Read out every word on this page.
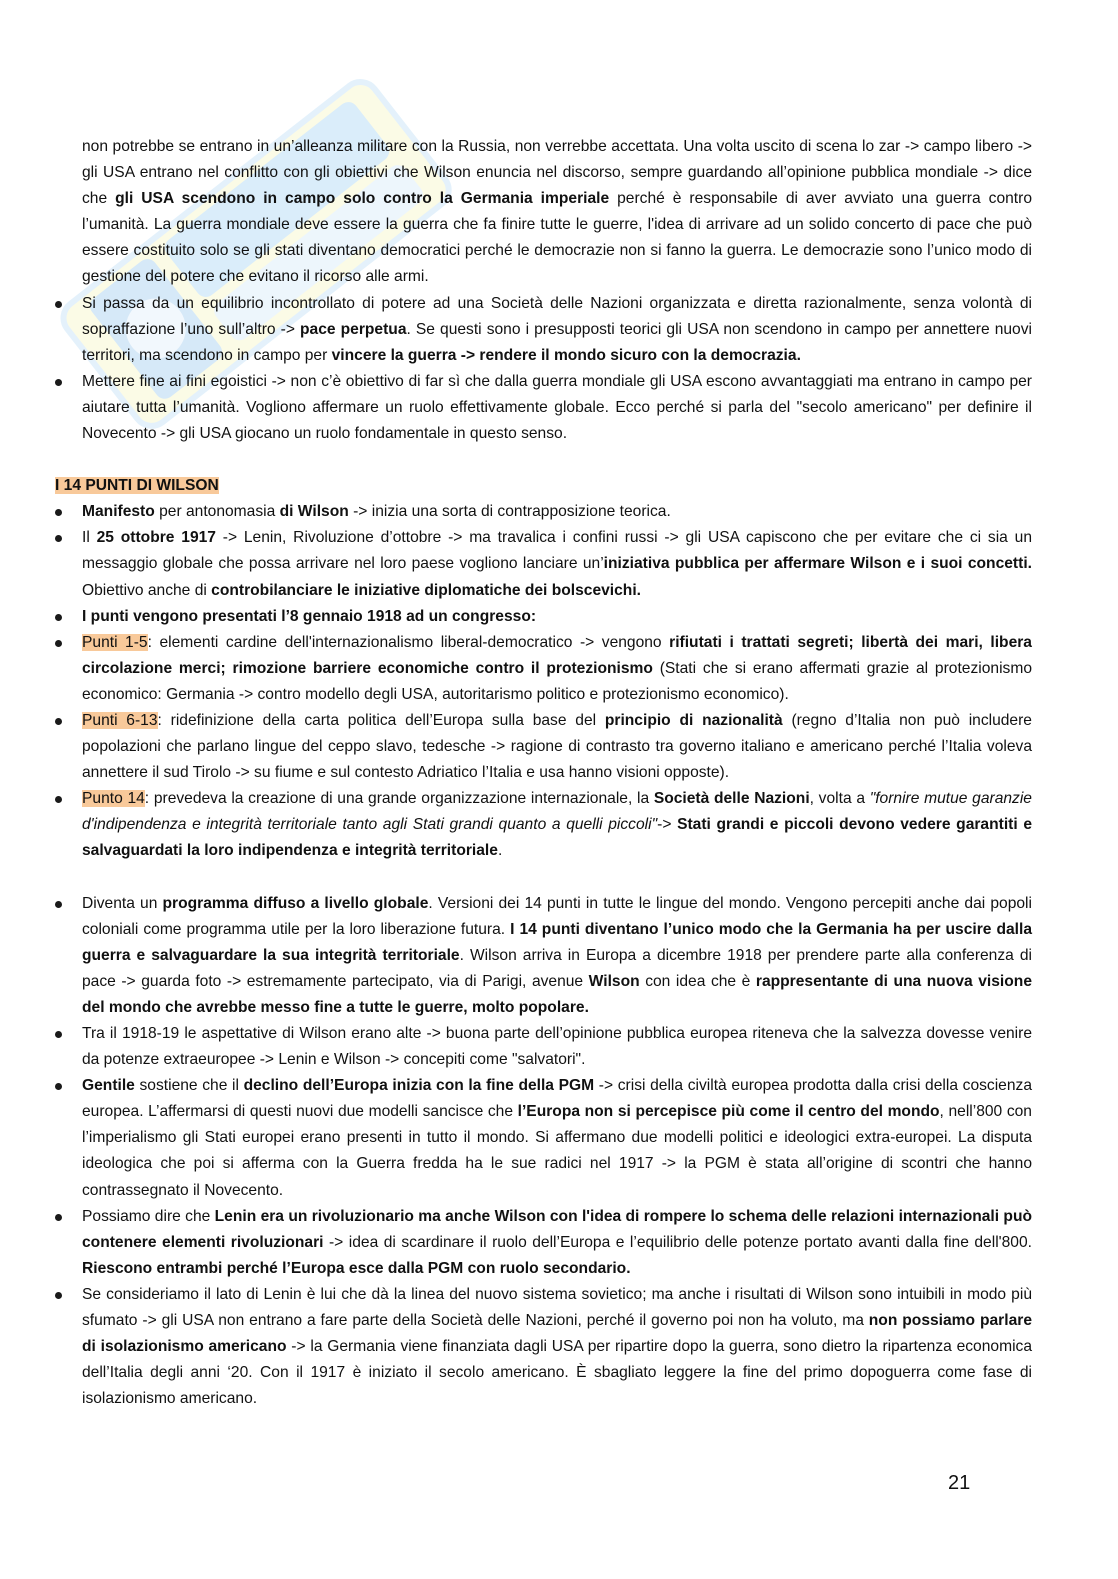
non potrebbe se entrano in un’alleanza militare con la Russia, non verrebbe accettata. Una volta uscito di scena lo zar -> campo libero -> gli USA entrano nel conflitto con gli obiettivi che Wilson enuncia nel discorso, sempre guardando all’opinione pubblica mondiale -> dice che gli USA scendono in campo solo contro la Germania imperiale perché è responsabile di aver avviato una guerra contro l’umanità. La guerra mondiale deve essere la guerra che fa finire tutte le guerre, l'idea di arrivare ad un solido concerto di pace che può essere costituito solo se gli stati diventano democratici perché le democrazie non si fanno la guerra. Le democrazie sono l’unico modo di gestione del potere che evitano il ricorso alle armi.

Si passa da un equilibrio incontrollato di potere ad una Società delle Nazioni organizzata e diretta razionalmente, senza volontà di sopraffazione l’uno sull’altro -> pace perpetua. Se questi sono i presupposti teorici gli USA non scendono in campo per annettere nuovi territori, ma scendono in campo per vincere la guerra -> rendere il mondo sicuro con la democrazia.
Mettere fine ai fini egoistici -> non c’è obiettivo di far sì che dalla guerra mondiale gli USA escono avvantaggiati ma entrano in campo per aiutare tutta l’umanità. Vogliono affermare un ruolo effettivamente globale. Ecco perché si parla del "secolo americano" per definire il Novecento -> gli USA giocano un ruolo fondamentale in questo senso.

I 14 PUNTI DI WILSON

Manifesto per antonomasia di Wilson -> inizia una sorta di contrapposizione teorica.
Il 25 ottobre 1917 -> Lenin, Rivoluzione d’ottobre -> ma travalica i confini russi -> gli USA capiscono che per evitare che ci sia un messaggio globale che possa arrivare nel loro paese vogliono lanciare un’iniziativa pubblica per affermare Wilson e i suoi concetti. Obiettivo anche di controbilanciare le iniziative diplomatiche dei bolscevichi.
I punti vengono presentati l’8 gennaio 1918 ad un congresso:
Punti 1-5: elementi cardine dell'internazionalismo liberal-democratico -> vengono rifiutati i trattati segreti; libertà dei mari, libera circolazione merci; rimozione barriere economiche contro il protezionismo (Stati che si erano affermati grazie al protezionismo economico: Germania -> contro modello degli USA, autoritarismo politico e protezionismo economico).
Punti 6-13: ridefinizione della carta politica dell’Europa sulla base del principio di nazionalità (regno d’Italia non può includere popolazioni che parlano lingue del ceppo slavo, tedesche -> ragione di contrasto tra governo italiano e americano perché l’Italia voleva annettere il sud Tirolo -> su fiume e sul contesto Adriatico l’Italia e usa hanno visioni opposte).
Punto 14: prevedeva la creazione di una grande organizzazione internazionale, la Società delle Nazioni, volta a "fornire mutue garanzie d'indipendenza e integrità territoriale tanto agli Stati grandi quanto a quelli piccoli"-> Stati grandi e piccoli devono vedere garantiti e salvaguardati la loro indipendenza e integrità territoriale.
Diventa un programma diffuso a livello globale. Versioni dei 14 punti in tutte le lingue del mondo. Vengono percepiti anche dai popoli coloniali come programma utile per la loro liberazione futura. I 14 punti diventano l’unico modo che la Germania ha per uscire dalla guerra e salvaguardare la sua integrità territoriale. Wilson arriva in Europa a dicembre 1918 per prendere parte alla conferenza di pace -> guarda foto -> estremamente partecipato, via di Parigi, avenue Wilson con idea che è rappresentante di una nuova visione del mondo che avrebbe messo fine a tutte le guerre, molto popolare.
Tra il 1918-19 le aspettative di Wilson erano alte -> buona parte dell’opinione pubblica europea riteneva che la salvezza dovesse venire da potenze extraeuropee -> Lenin e Wilson -> concepiti come "salvatori".
Gentile sostiene che il declino dell’Europa inizia con la fine della PGM -> crisi della civiltà europea prodotta dalla crisi della coscienza europea. L’affermarsi di questi nuovi due modelli sancisce che l’Europa non si percepisce più come il centro del mondo, nell’800 con l’imperialismo gli Stati europei erano presenti in tutto il mondo. Si affermano due modelli politici e ideologici extra-europei. La disputa ideologica che poi si afferma con la Guerra fredda ha le sue radici nel 1917 -> la PGM è stata all’origine di scontri che hanno contrassegnato il Novecento.
Possiamo dire che Lenin era un rivoluzionario ma anche Wilson con l'idea di rompere lo schema delle relazioni internazionali può contenere elementi rivoluzionari -> idea di scardinare il ruolo dell’Europa e l’equilibrio delle potenze portato avanti dalla fine dell'800. Riescono entrambi perché l’Europa esce dalla PGM con ruolo secondario.
Se consideriamo il lato di Lenin è lui che dà la linea del nuovo sistema sovietico; ma anche i risultati di Wilson sono intuibili in modo più sfumato -> gli USA non entrano a fare parte della Società delle Nazioni, perché il governo poi non ha voluto, ma non possiamo parlare di isolazionismo americano -> la Germania viene finanziata dagli USA per ripartire dopo la guerra, sono dietro la ripartenza economica dell’Italia degli anni ‘20. Con il 1917 è iniziato il secolo americano. È sbagliato leggere la fine del primo dopoguerra come fase di isolazionismo americano.
21
